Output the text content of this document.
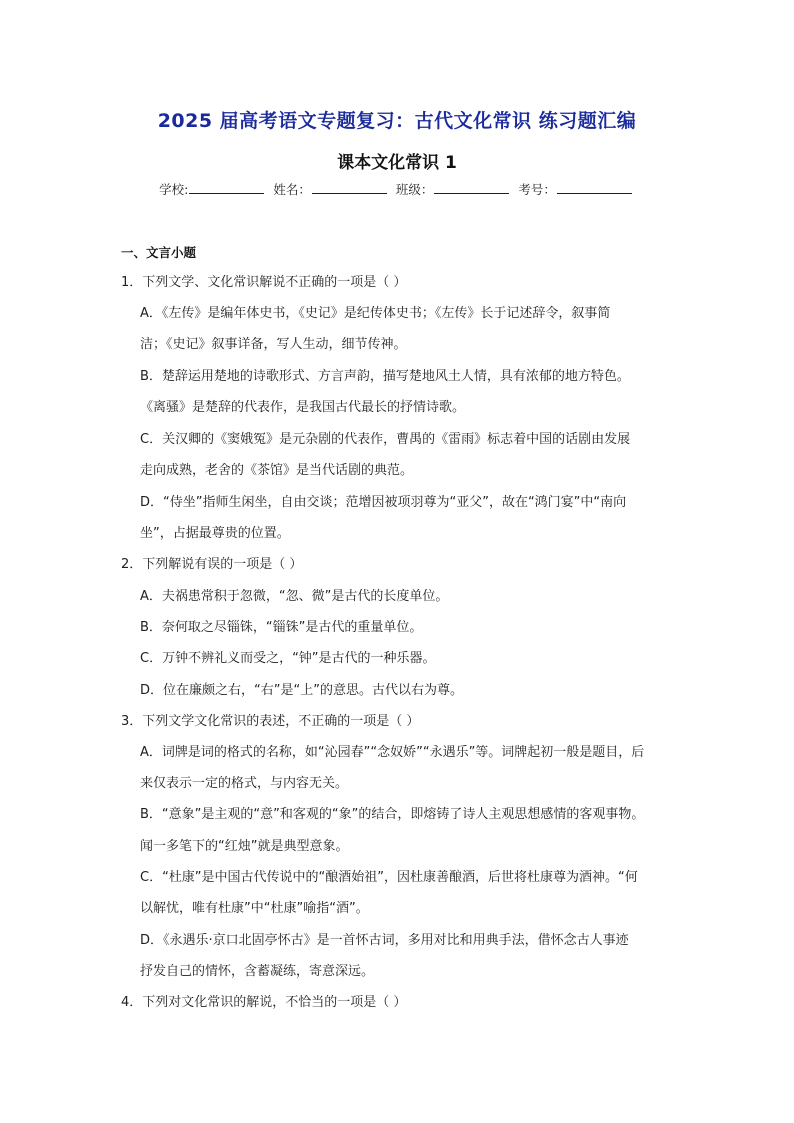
2025 届高考语文专题复习：古代文化常识 练习题汇编
课本文化常识 1
学校:	姓名：	班级：	考号：
一、文言小题
1．下列文学、文化常识解说不正确的一项是（ ）
A．《左传》是编年体史书，《史记》是纪传体史书；《左传》长于记述辞令，叙事简
洁；《史记》叙事详备，写人生动，细节传神。
B．楚辞运用楚地的诗歌形式、方言声韵，描写楚地风土人情，具有浓郁的地方特色。
《离骚》是楚辞的代表作，是我国古代最长的抒情诗歌。
C．关汉卿的《窦娥冤》是元杂剧的代表作，曹禺的《雷雨》标志着中国的话剧由发展
走向成熟，老舍的《茶馆》是当代话剧的典范。
D．“侍坐”指师生闲坐，自由交谈；范增因被项羽尊为“亚父”，故在“鸿门宴”中“南向
坐”，占据最尊贵的位置。
2．下列解说有误的一项是（ ）
A．夫祸患常积于忽微，“忽、微”是古代的长度单位。
B．奈何取之尽锱铢，“锱铢”是古代的重量单位。
C．万钟不辨礼义而受之，“钟”是古代的一种乐器。
D．位在廉颇之右，“右”是“上”的意思。古代以右为尊。
3．下列文学文化常识的表述，不正确的一项是（ ）
A．词牌是词的格式的名称，如“沁园春”“念奴娇”“永遇乐”等。词牌起初一般是题目，后
来仅表示一定的格式，与内容无关。
B．“意象”是主观的“意”和客观的“象”的结合，即熔铸了诗人主观思想感情的客观事物。
闻一多笔下的“红烛”就是典型意象。
C．“杜康”是中国古代传说中的“酿酒始祖”，因杜康善酿酒，后世将杜康尊为酒神。“何
以解忧，唯有杜康”中“杜康”喻指“酒”。
D．《永遇乐·京口北固亭怀古》是一首怀古词，多用对比和用典手法，借怀念古人事迹
抒发自己的情怀，含蓄凝练，寄意深远。
4．下列对文化常识的解说，不恰当的一项是（ ）
